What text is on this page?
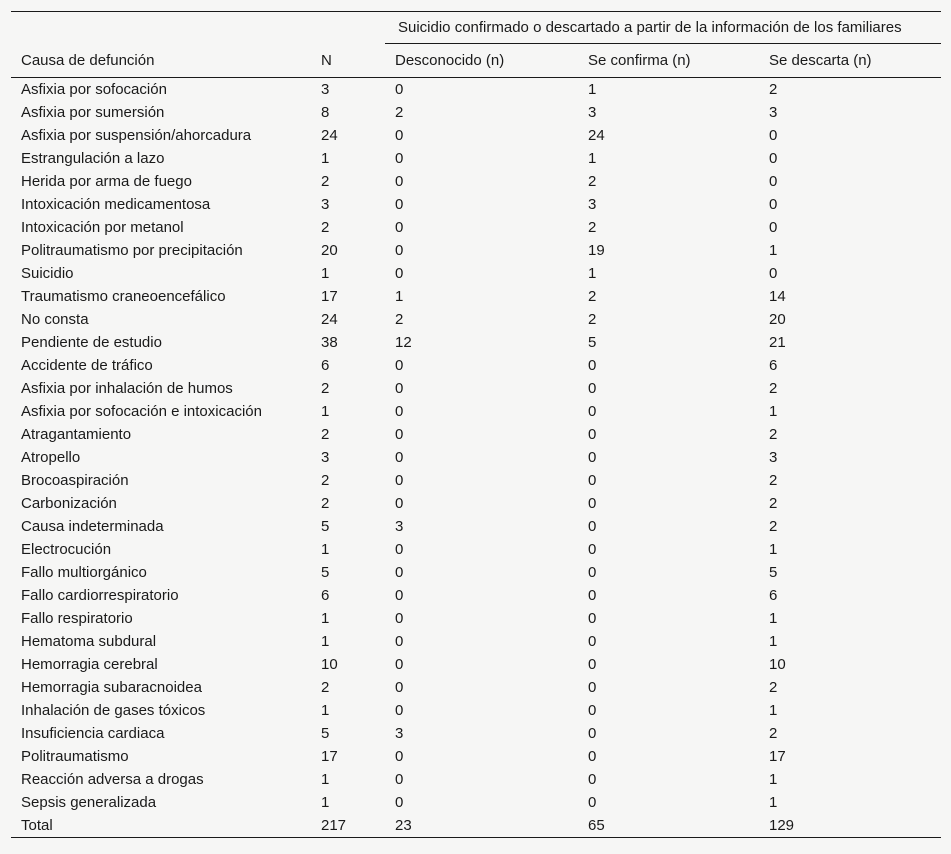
		Suicidio confirmado o descartado a partir de la información de los familiares		

Causa de defunción	N	Desconocido (n)	Se confirma (n)	Se descarta (n)
Asfixia por sofocación	3	0	1	2
Asfixia por sumersión	8	2	3	3
Asfixia por suspensión/ahorcadura	24	0	24	0
Estrangulación a lazo	1	0	1	0
Herida por arma de fuego	2	0	2	0
Intoxicación medicamentosa	3	0	3	0
Intoxicación por metanol	2	0	2	0
Politraumatismo por precipitación	20	0	19	1
Suicidio	1	0	1	0
Traumatismo craneoencefálico	17	1	2	14
No consta	24	2	2	20
Pendiente de estudio	38	12	5	21
Accidente de tráfico	6	0	0	6
Asfixia por inhalación de humos	2	0	0	2
Asfixia por sofocación e intoxicación	1	0	0	1
Atragantamiento	2	0	0	2
Atropello	3	0	0	3
Brocoaspiración	2	0	0	2
Carbonización	2	0	0	2
Causa indeterminada	5	3	0	2
Electrocución	1	0	0	1
Fallo multiorgánico	5	0	0	5
Fallo cardiorrespiratorio	6	0	0	6
Fallo respiratorio	1	0	0	1
Hematoma subdural	1	0	0	1
Hemorragia cerebral	10	0	0	10
Hemorragia subaracnoidea	2	0	0	2
Inhalación de gases tóxicos	1	0	0	1
Insuficiencia cardiaca	5	3	0	2
Politraumatismo	17	0	0	17
Reacción adversa a drogas	1	0	0	1
Sepsis generalizada	1	0	0	1
Total	217	23	65	129
